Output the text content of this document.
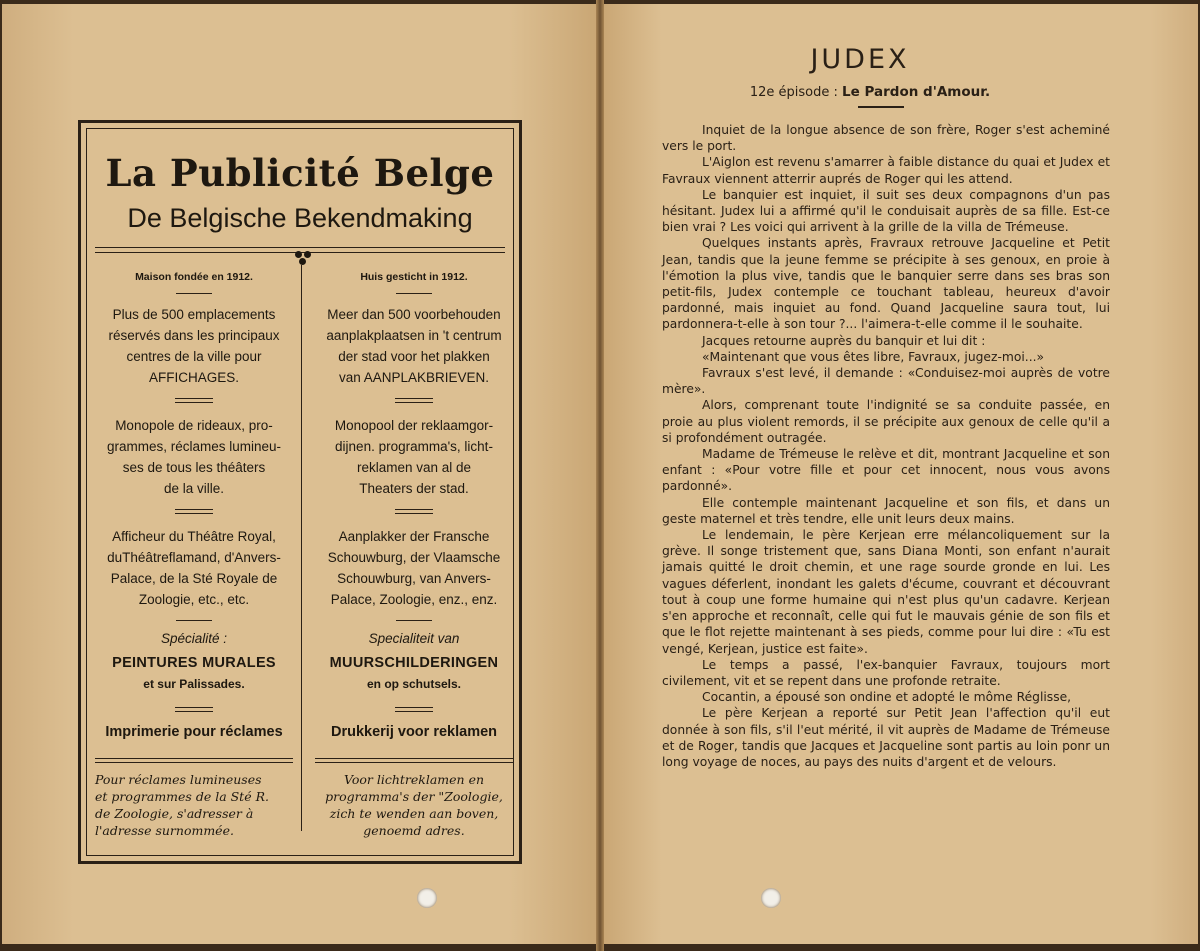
La Publicité Belge
De Belgische Bekendmaking
Maison fondée en 1912.

Plus de 500 emplacements
réservés dans les principaux
centres de la ville pour
AFFICHAGES.

Monopole de rideaux, pro-
grammes, réclames lumineu-
ses de tous les théâters
de la ville.

Afficheur du Théâtre Royal,
duThéâtreflamand, d'Anvers-
Palace, de la Sté Royale de
Zoologie, etc., etc.

Spécialité :
PEINTURES MURALES
et sur Palissades.
Imprimerie pour réclames
Pour réclames lumineuses
et programmes de la Sté R.
de Zoologie, s'adresser à
l'adresse surnommée.
Huis gesticht in 1912.

Meer dan 500 voorbehouden
aanplakplaatsen in 't centrum
der stad voor het plakken
van AANPLAKBRIEVEN.

Monopool der reklaamgor-
dijnen. programma's, licht-
reklamen van al de
Theaters der stad.

Aanplakker der Fransche
Schouwburg, der Vlaamsche
Schouwburg, van Anvers-
Palace, Zoologie, enz., enz.

Specialiteit van
MUURSCHILDERINGEN
en op schutsels.
Drukkerij voor reklamen
Voor lichtreklamen en
programma's der "Zoologie,
zich te wenden aan boven,
genoemd adres.
JUDEX
12e épisode : Le Pardon d'Amour.

Inquiet de la longue absence de son frère, Roger s'est acheminé vers le port.

L'Aiglon est revenu s'amarrer à faible distance du quai et Judex et Favraux viennent atterrir auprés de Roger qui les attend.

Le banquier est inquiet, il suit ses deux compagnons d'un pas hésitant. Judex lui a affirmé qu'il le conduisait auprès de sa fille. Est-ce bien vrai ? Les voici qui arrivent à la grille de la villa de Trémeuse.

Quelques instants après, Fravraux retrouve Jacqueline et Petit Jean, tandis que la jeune femme se précipite à ses genoux, en proie à l'émotion la plus vive, tandis que le banquier serre dans ses bras son petit-fils, Judex contemple ce touchant tableau, heureux d'avoir pardonné, mais inquiet au fond. Quand Jacqueline saura tout, lui pardonnera-t-elle à son tour ?... l'aimera-t-elle comme il le souhaite.

Jacques retourne auprès du banquir et lui dit :

«Maintenant que vous êtes libre, Favraux, jugez-moi...»

Favraux s'est levé, il demande : «Conduisez-moi auprès de votre mère».

Alors, comprenant toute l'indignité se sa conduite passée, en proie au plus violent remords, il se précipite aux genoux de celle qu'il a si profondément outragée.

Madame de Trémeuse le relève et dit, montrant Jacqueline et son enfant : «Pour votre fille et pour cet innocent, nous vous avons pardonné».

Elle contemple maintenant Jacqueline et son fils, et dans un geste maternel et très tendre, elle unit leurs deux mains.

Le lendemain, le père Kerjean erre mélancoliquement sur la grève. Il songe tristement que, sans Diana Monti, son enfant n'aurait jamais quitté le droit chemin, et une rage sourde gronde en lui. Les vagues déferlent, inondant les galets d'écume, couvrant et découvrant tout à coup une forme humaine qui n'est plus qu'un cadavre. Kerjean s'en approche et reconnaît, celle qui fut le mauvais génie de son fils et que le flot rejette maintenant à ses pieds, comme pour lui dire : «Tu est vengé, Kerjean, justice est faite».

Le temps a passé, l'ex-banquier Favraux, toujours mort civilement, vit et se repent dans une profonde retraite.

Cocantin, a épousé son ondine et adopté le môme Réglisse,

Le père Kerjean a reporté sur Petit Jean l'affection qu'il eut donnée à son fils, s'il l'eut mérité, il vit auprès de Madame de Trémeuse et de Roger, tandis que Jacques et Jacqueline sont partis au loin ponr un long voyage de noces, au pays des nuits d'argent et de velours.
